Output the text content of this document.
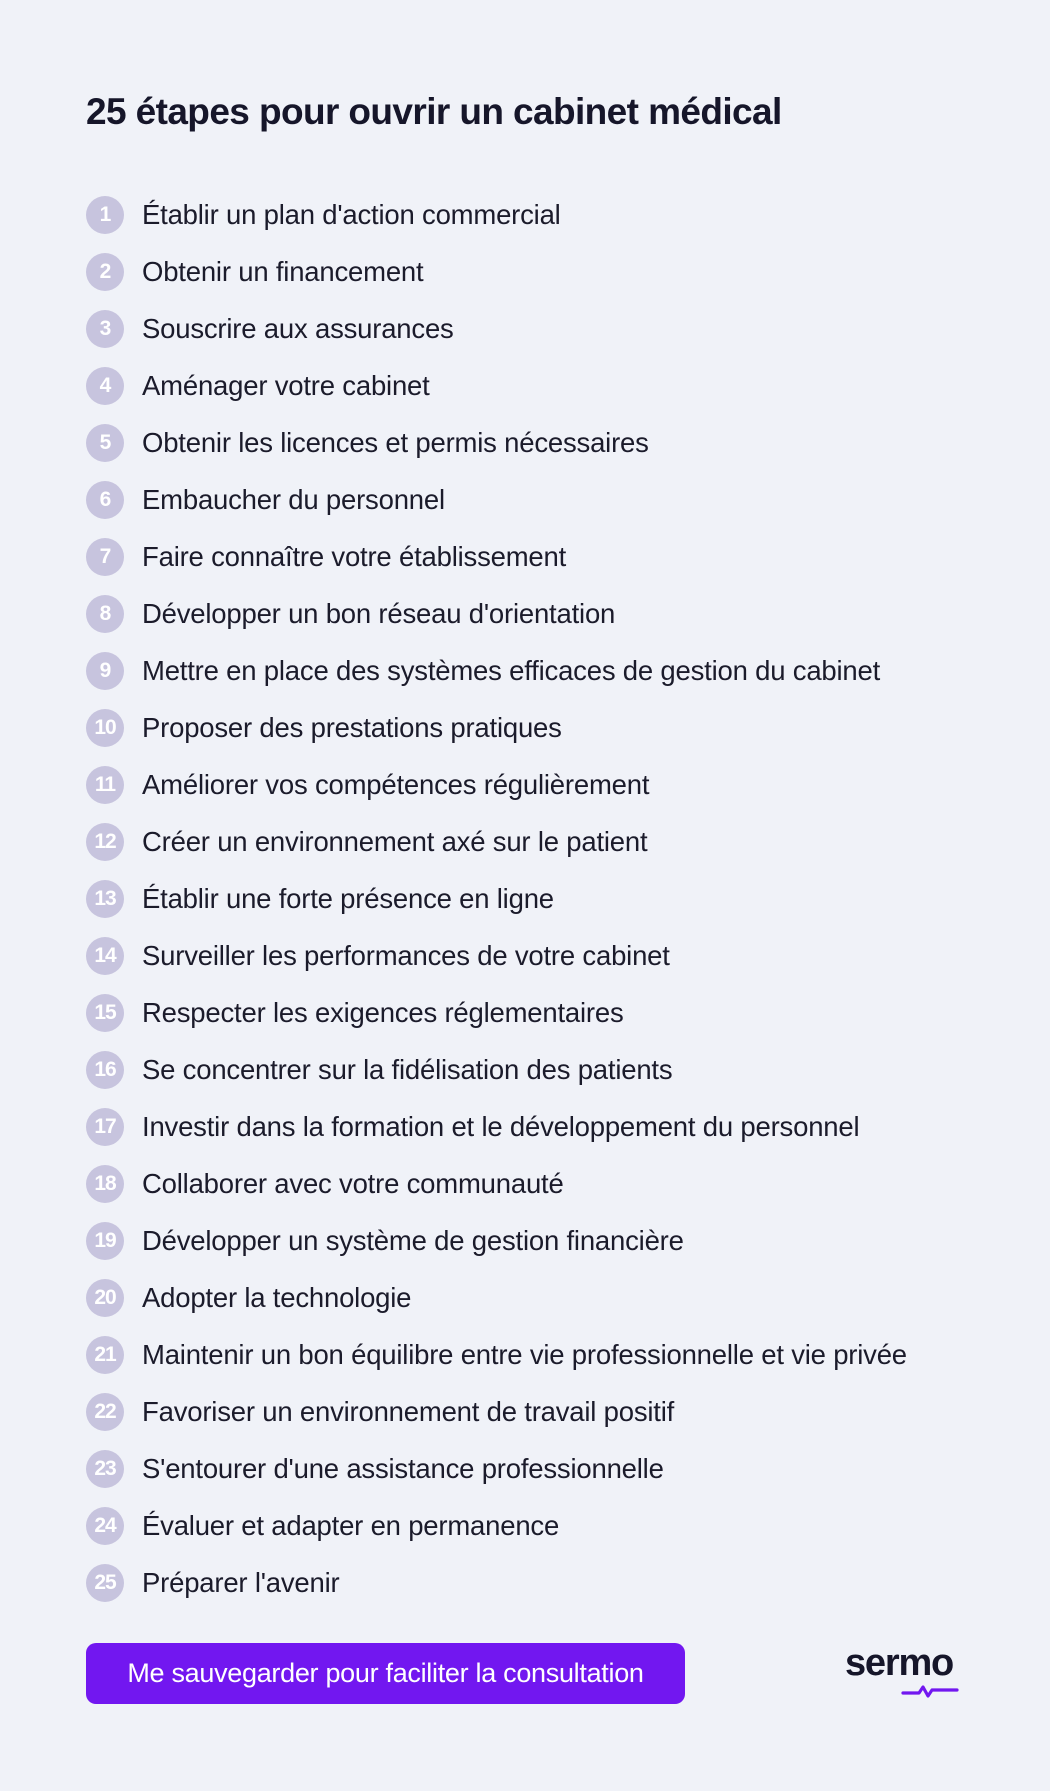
25 étapes pour ouvrir un cabinet médical
1	Établir un plan d'action commercial
2	Obtenir un financement
3	Souscrire aux assurances
4	Aménager votre cabinet
5	Obtenir les licences et permis nécessaires
6	Embaucher du personnel
7	Faire connaître votre établissement
8	Développer un bon réseau d'orientation
9	Mettre en place des systèmes efficaces de gestion du cabinet
10 Proposer des prestations pratiques
11 Améliorer vos compétences régulièrement
12 Créer un environnement axé sur le patient
13 Établir une forte présence en ligne
14 Surveiller les performances de votre cabinet
15 Respecter les exigences réglementaires
16 Se concentrer sur la fidélisation des patients
17 Investir dans la formation et le développement du personnel
18 Collaborer avec votre communauté
19 Développer un système de gestion financière
20 Adopter la technologie
21 Maintenir un bon équilibre entre vie professionnelle et vie privée
22 Favoriser un environnement de travail positif
23 S'entourer d'une assistance professionnelle
24 Évaluer et adapter en permanence
25 Préparer l'avenir
Me sauvegarder pour faciliter la consultation	sermo
